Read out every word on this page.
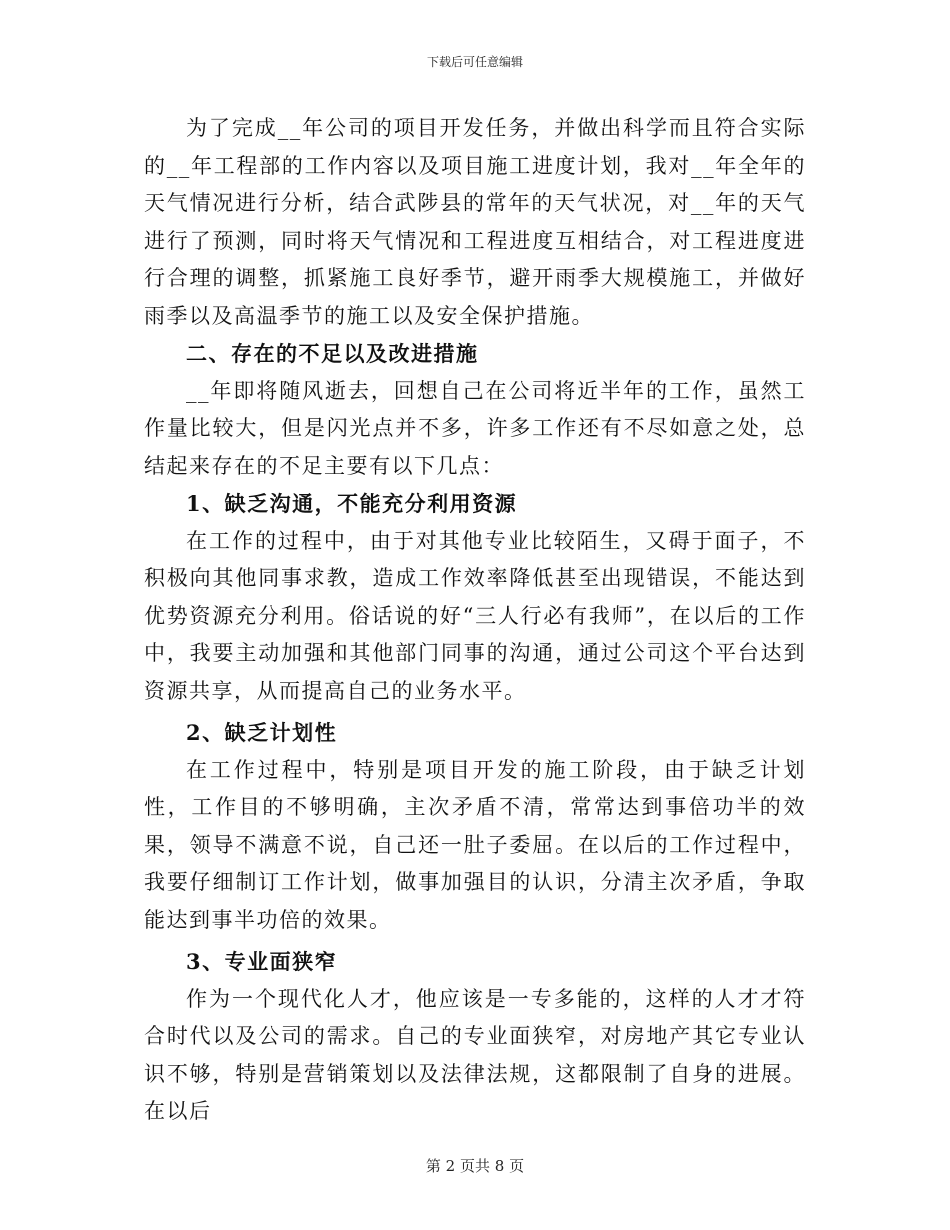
下载后可任意编辑

为了完成__年公司的项目开发任务，并做出科学而且符合实际的__年工程部的工作内容以及项目施工进度计划，我对__年全年的天气情况进行分析，结合武陟县的常年的天气状况，对__年的天气进行了预测，同时将天气情况和工程进度互相结合，对工程进度进行合理的调整，抓紧施工良好季节，避开雨季大规模施工，并做好雨季以及高温季节的施工以及安全保护措施。

二、存在的不足以及改进措施

__年即将随风逝去，回想自己在公司将近半年的工作，虽然工作量比较大，但是闪光点并不多，许多工作还有不尽如意之处，总结起来存在的不足主要有以下几点：

1、缺乏沟通，不能充分利用资源

在工作的过程中，由于对其他专业比较陌生，又碍于面子，不积极向其他同事求教，造成工作效率降低甚至出现错误，不能达到优势资源充分利用。俗话说的好“三人行必有我师”，在以后的工作中，我要主动加强和其他部门同事的沟通，通过公司这个平台达到资源共享，从而提高自己的业务水平。

2、缺乏计划性

在工作过程中，特别是项目开发的施工阶段，由于缺乏计划性，工作目的不够明确，主次矛盾不清，常常达到事倍功半的效果，领导不满意不说，自己还一肚子委屈。在以后的工作过程中，我要仔细制订工作计划，做事加强目的认识，分清主次矛盾，争取能达到事半功倍的效果。

3、专业面狭窄

作为一个现代化人才，他应该是一专多能的，这样的人才才符合时代以及公司的需求。自己的专业面狭窄，对房地产其它专业认识不够，特别是营销策划以及法律法规，这都限制了自身的进展。在以后

第 2 页共 8 页
